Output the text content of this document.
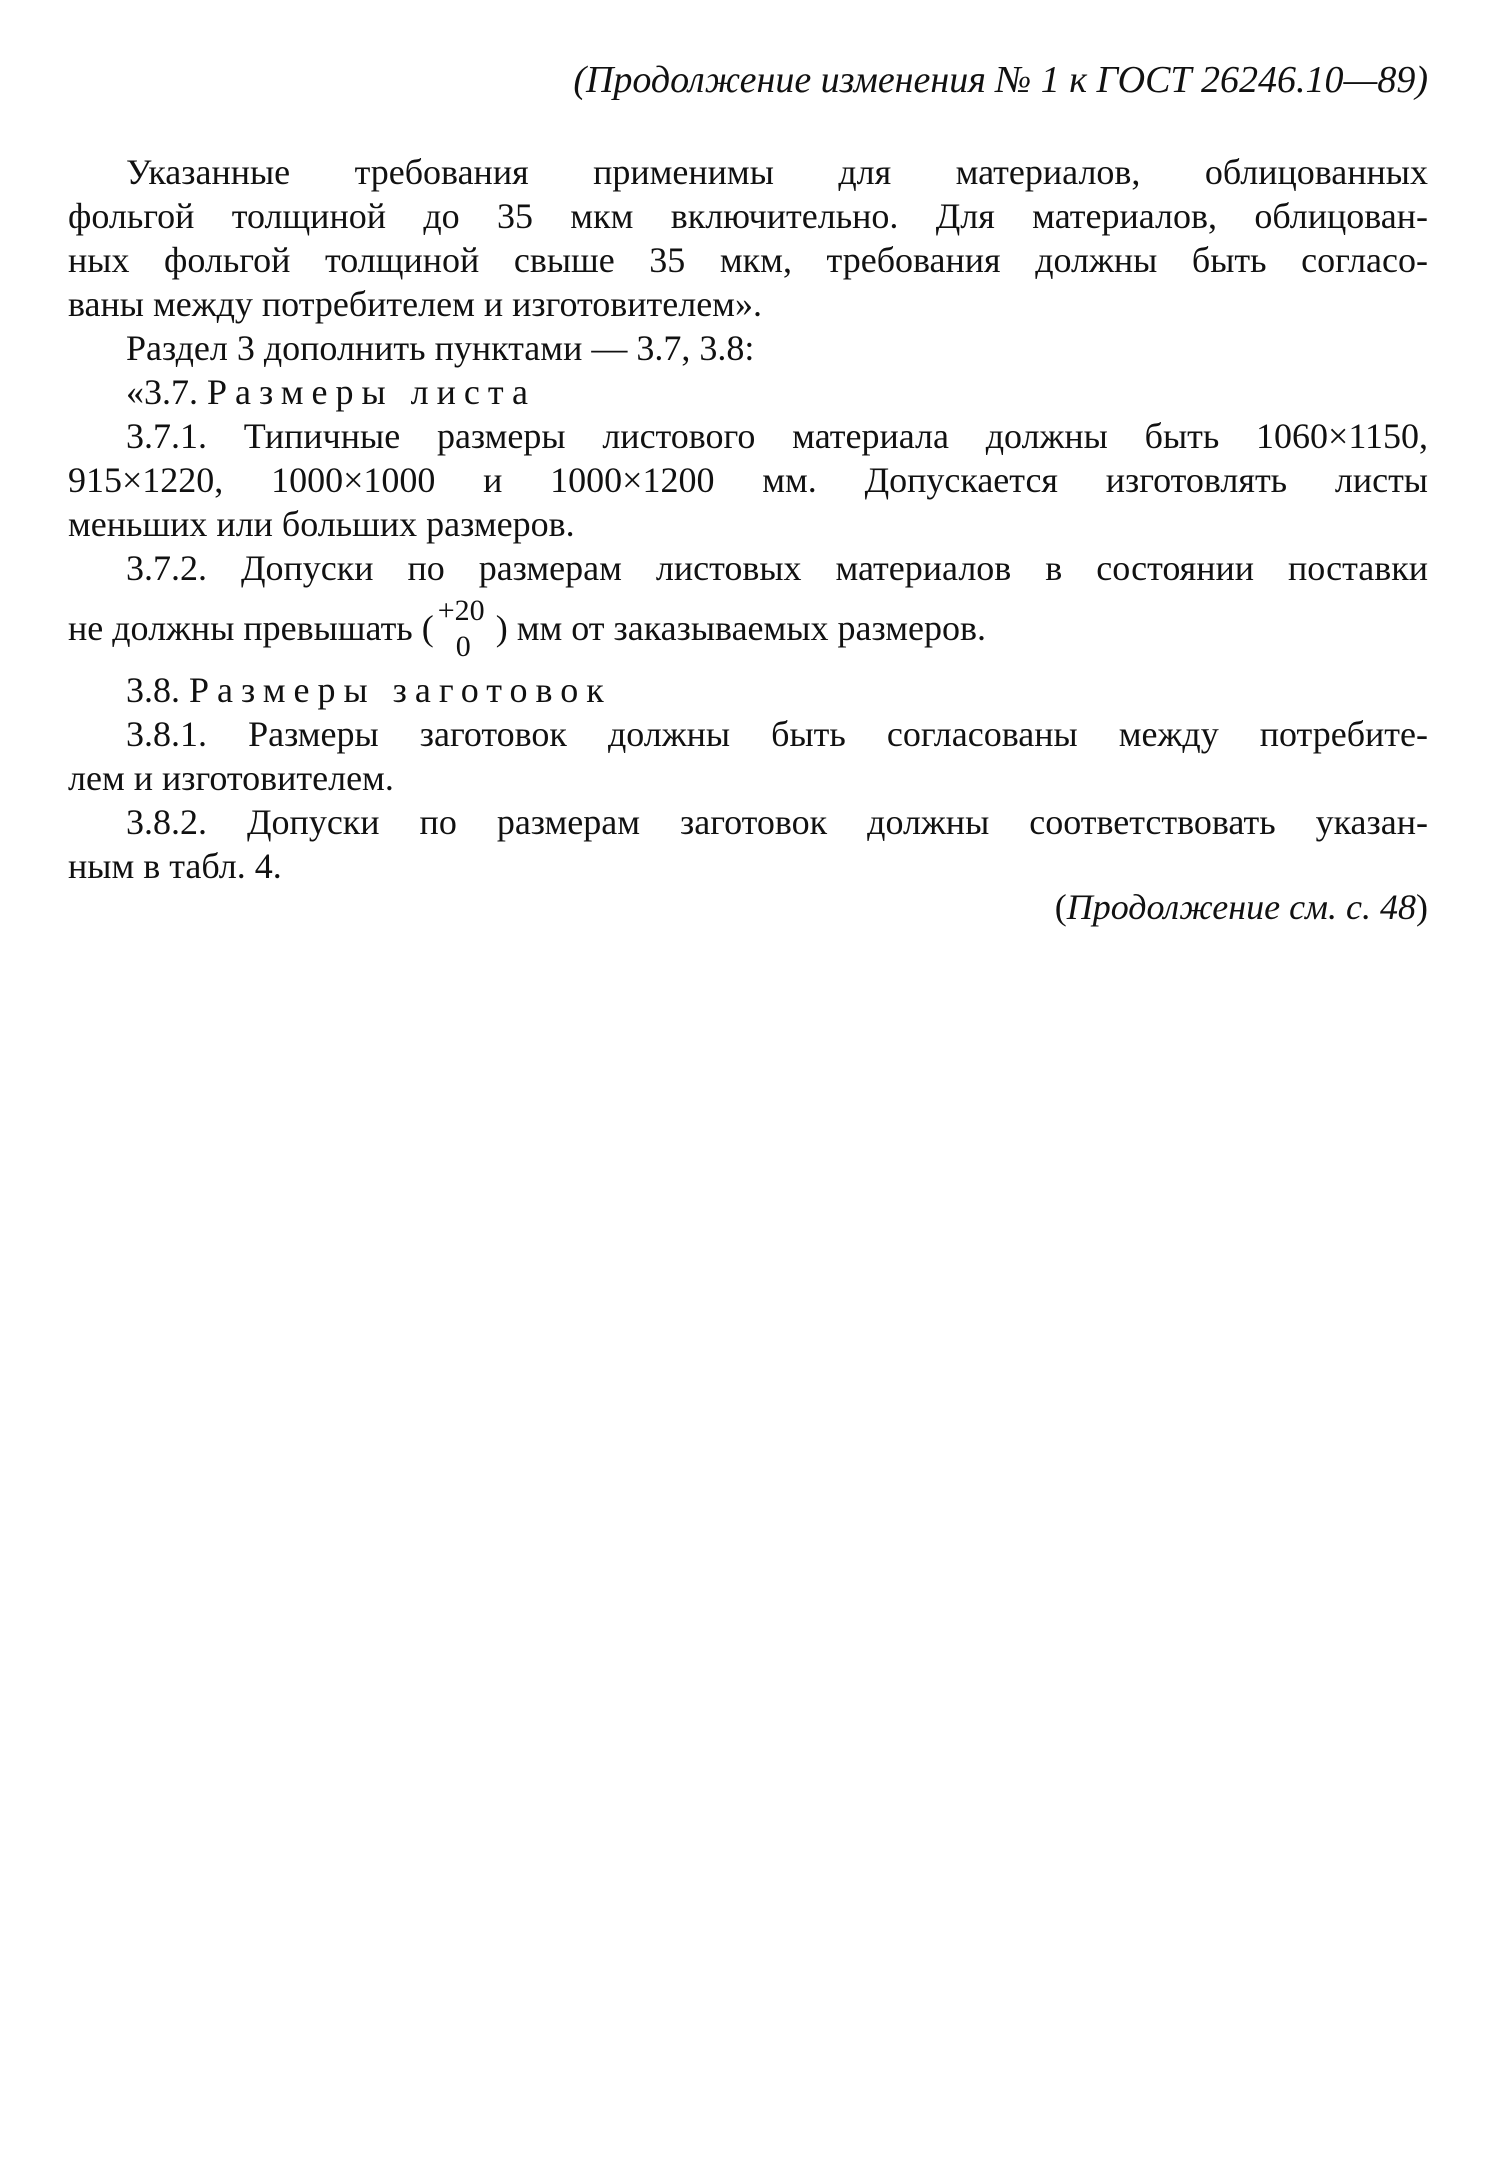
(Продолжение изменения № 1 к ГОСТ 26246.10—89)
Указанные требования применимы для материалов, облицованных
фольгой толщиной до 35 мкм включительно. Для материалов, облицован-
ных фольгой толщиной свыше 35 мкм, требования должны быть согласо-
ваны между потребителем и изготовителем».
Раздел 3 дополнить пунктами — 3.7, 3.8:
«3.7. Размеры листа
3.7.1. Типичные размеры листового материала должны быть 1060×1150,
915×1220, 1000×1000 и 1000×1200 мм. Допускается изготовлять листы
меньших или больших размеров.
3.7.2. Допуски по размерам листовых материалов в состоянии поставки
не должны превышать ( +20
0 ) мм от заказываемых размеров.
3.8. Размеры заготовок
3.8.1. Размеры заготовок должны быть согласованы между потребите-
лем и изготовителем.
3.8.2. Допуски по размерам заготовок должны соответствовать указан-
ным в табл. 4.
(Продолжение см. с. 48)
